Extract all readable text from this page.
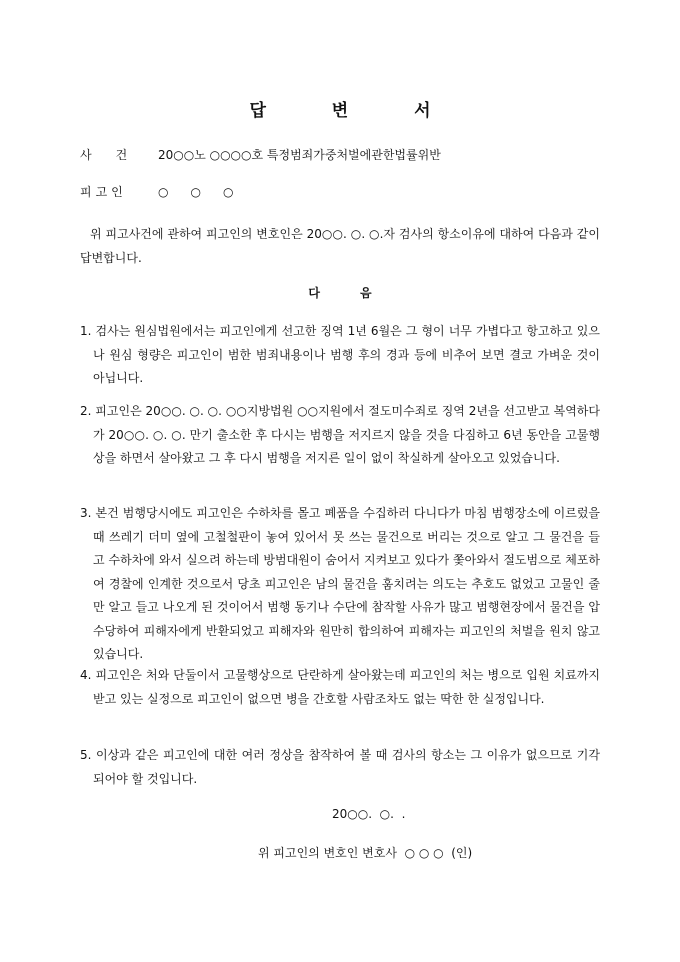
답 변 서
사건 20○○노 ○○○○호 특정범죄가중처벌에관한법률위반
피고인	○○○
위 피고사건에 관하여 피고인의 변호인은 20○○. ○. ○.자 검사의 항소이유에 대하여 다음과 같이 답변합니다.
다음
1. 검사는 원심법원에서는 피고인에게 선고한 징역 1년 6월은 그 형이 너무 가볍다고 항고하고 있으나 원심 형량은 피고인이 범한 범죄내용이나 범행 후의 경과 등에 비추어 보면 결코 가벼운 것이 아닙니다.
2. 피고인은 20○○. ○. ○. ○○지방법원 ○○지원에서 절도미수죄로 징역 2년을 선고받고 복역하다가 20○○. ○. ○. 만기 출소한 후 다시는 범행을 저지르지 않을 것을 다짐하고 6년 동안을 고물행상을 하면서 살아왔고 그 후 다시 범행을 저지른 일이 없이 착실하게 살아오고 있었습니다.
3. 본건 범행당시에도 피고인은 수하차를 몰고 폐품을 수집하러 다니다가 마침 범행장소에 이르렀을 때 쓰레기 더미 옆에 고철철판이 놓여 있어서 못 쓰는 물건으로 버리는 것으로 알고 그 물건을 들고 수하차에 와서 실으려 하는데 방범대원이 숨어서 지켜보고 있다가 쫓아와서 절도범으로 체포하여 경찰에 인계한 것으로서 당초 피고인은 남의 물건을 훔치려는 의도는 추호도 없었고 고물인 줄만 알고 들고 나오게 된 것이어서 범행 동기나 수단에 참작할 사유가 많고 범행현장에서 물건을 압수당하여 피해자에게 반환되었고 피해자와 원만히 합의하여 피해자는 피고인의 처벌을 원치 않고 있습니다.
4. 피고인은 처와 단둘이서 고물행상으로 단란하게 살아왔는데 피고인의 처는 병으로 입원 치료까지 받고 있는 실정으로 피고인이 없으면 병을 간호할 사람조차도 없는 딱한 한 실정입니다.
5. 이상과 같은 피고인에 대한 여러 정상을 참작하여 볼 때 검사의 항소는 그 이유가 없으므로 기각되어야 할 것입니다.
20○○.  ○.  .
위 피고인의 변호인 변호사  ○ ○ ○  (인)
